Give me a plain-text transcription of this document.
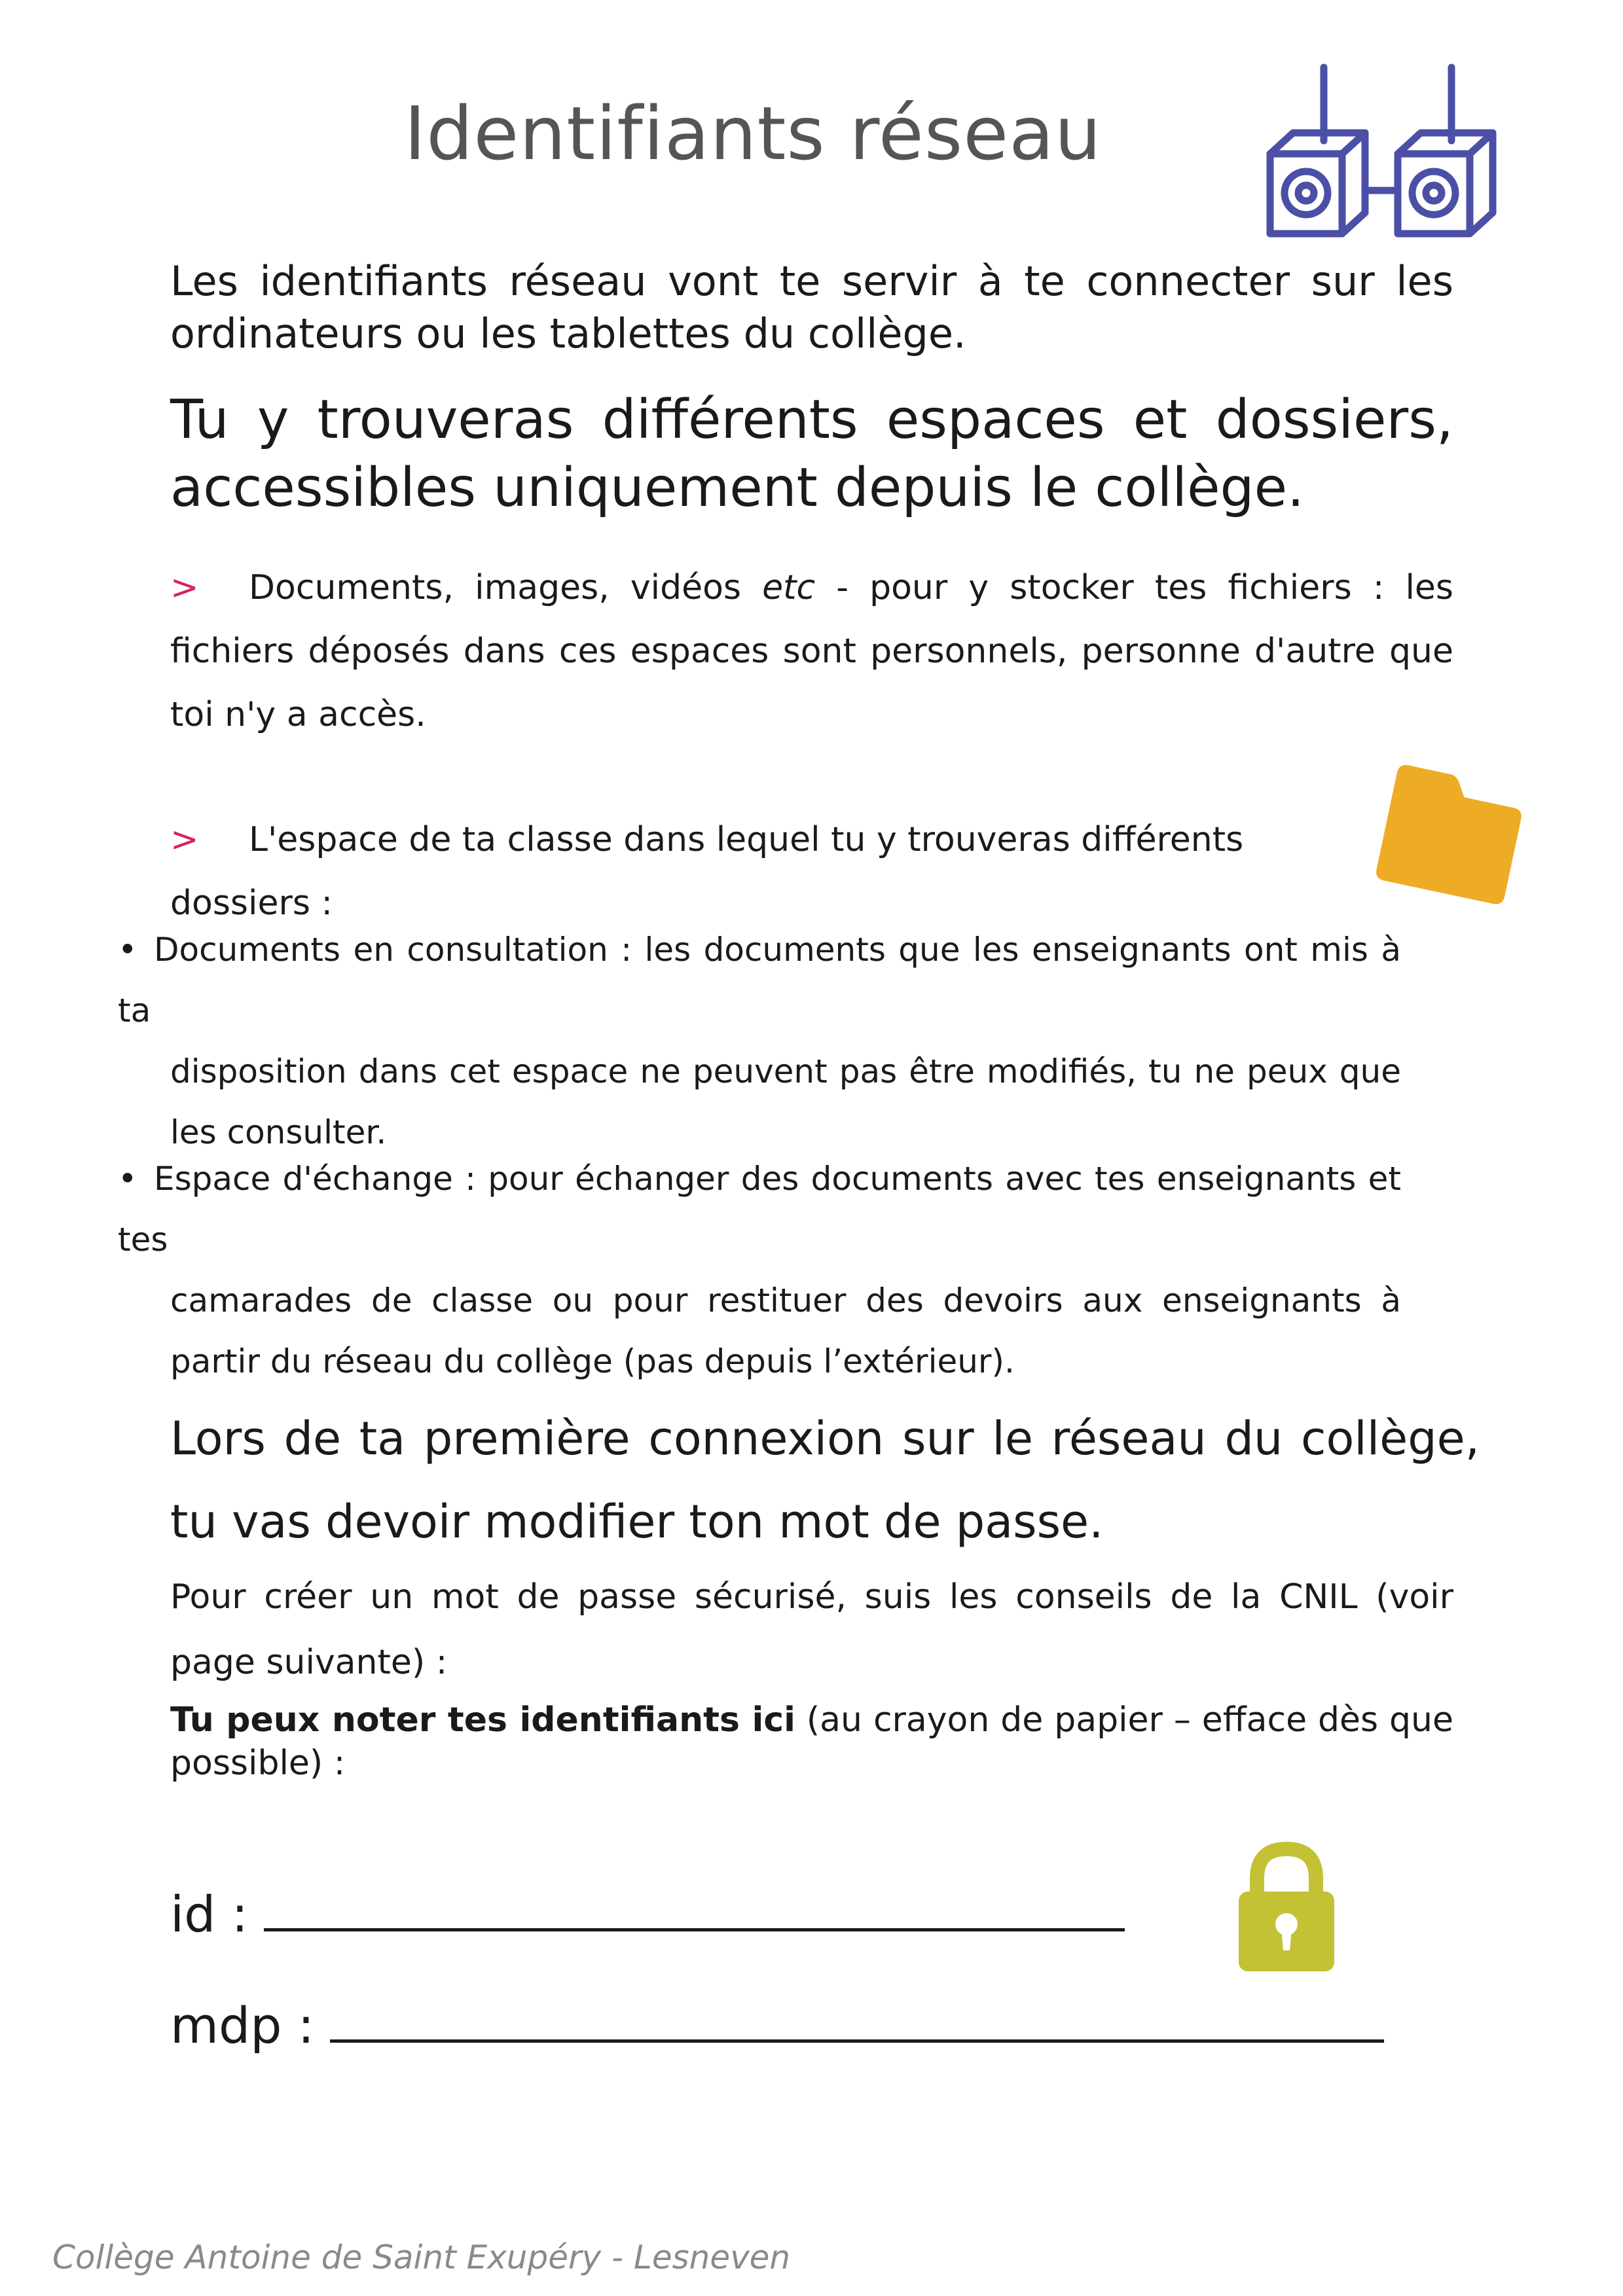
Identifiants réseau
Les identifiants réseau vont te servir à te connecter sur les ordinateurs ou les tablettes du collège.
Tu y trouveras différents espaces et dossiers, accessibles uniquement depuis le collège.
> Documents, images, vidéos etc - pour y stocker tes fichiers : les fichiers déposés dans ces espaces sont personnels, personne d'autre que toi n'y a accès.
> L'espace de ta classe dans lequel tu y trouveras différents dossiers :
• Documents en consultation : les documents que les enseignants ont mis à ta
disposition dans cet espace ne peuvent pas être modifiés, tu ne peux que les consulter.
• Espace d'échange : pour échanger des documents avec tes enseignants et tes
camarades de classe ou pour restituer des devoirs aux enseignants à partir du réseau du collège (pas depuis l’extérieur).
Lors de ta première connexion sur le réseau du collège, tu vas devoir modifier ton mot de passe.
Pour créer un mot de passe sécurisé, suis les conseils de la CNIL (voir page suivante) :
Tu peux noter tes identifiants ici (au crayon de papier – efface dès que possible) :
id :
mdp :
Collège Antoine de Saint Exupéry - Lesneven
